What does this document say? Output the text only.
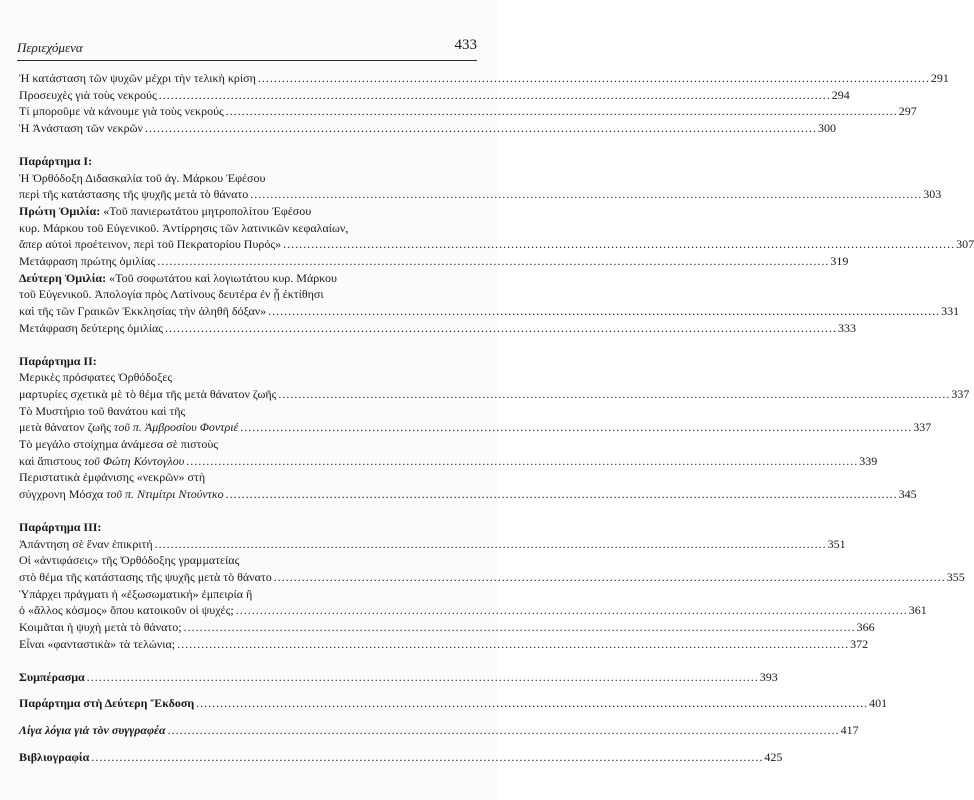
Περιεχόμενα	433
Ἡ κατάσταση τῶν ψυχῶν μέχρι τὴν τελικὴ κρίση .....	291
Προσευχὲς γιὰ τοὺς νεκρούς .....	294
Τί μποροῦμε νὰ κάνουμε γιὰ τοὺς νεκρούς .....	297
Ἡ Ἀνάσταση τῶν νεκρῶν .....	300
Παράρτημα Ι:
Ἡ Ὀρθόδοξη Διδασκαλία τοῦ ἁγ. Μάρκου Ἐφέσου
περὶ τῆς κατάστασης τῆς ψυχῆς μετὰ τὸ θάνατο .....	303
Πρώτη Ὁμιλία: «Τοῦ πανιερωτάτου μητροπολίτου Ἐφέσου
κυρ. Μάρκου τοῦ Εὐγενικοῦ. Ἀντίρρησις τῶν λατινικῶν κεφαλαίων,
ἅπερ αὐτοὶ προέτεινον, περὶ τοῦ Πεκρατορίου Πυρός» .....	307
Μετάφραση πρώτης ὁμιλίας .....	319
Δεύτερη Ὁμιλία: «Τοῦ σοφωτάτου καὶ λογιωτάτου κυρ. Μάρκου
τοῦ Εὐγενικοῦ. Ἀπολογία πρὸς Λατίνους δευτέρα ἐν ᾗ ἐκτίθησι
καὶ τῆς τῶν Γραικῶν Ἐκκλησίας τὴν ἀληθῆ δόξαν» .....	331
Μετάφραση δεύτερης ὁμιλίας .....	333
Παράρτημα ΙΙ:
Μερικὲς πρόσφατες Ὀρθόδοξες
μαρτυρίες σχετικὰ μὲ τὸ θέμα τῆς μετὰ θάνατον ζωῆς .....	337
Τὸ Μυστήριο τοῦ θανάτου καὶ τῆς
μετὰ θάνατον ζωῆς τοῦ π. Ἀμβροσίου Φοντριέ .....	337
Τὸ μεγάλο στοίχημα ἀνάμεσα σὲ πιστοὺς
καὶ ἄπιστους τοῦ Φώτη Κόντογλου .....	339
Περιστατικὰ ἐμφάνισης «νεκρῶν» στὴ
σύγχρονη Μόσχα τοῦ π. Ντιμίτρι Ντούντκο .....	345
Παράρτημα ΙΙΙ:
Ἀπάντηση σὲ ἕναν ἐπικριτή .....	351
Οἱ «ἀντιφάσεις» τῆς Ὀρθόδοξης γραμματείας
στὸ θέμα τῆς κατάστασης τῆς ψυχῆς μετὰ τὸ θάνατο .....	355
Ὑπάρχει πράγματι ἡ «ἐξωσωματική» ἐμπειρία ἢ
ὁ «ἄλλος κόσμος» ὅπου κατοικοῦν οἱ ψυχές; .....	361
Κοιμᾶται ἡ ψυχὴ μετὰ τὸ θάνατο; .....	366
Εἶναι «φανταστικὰ» τὰ τελώνια; .....	372
Συμπέρασμα .....	393
Παράρτημα στὴ Δεύτερη Ἔκδοση .....	401
Λίγα λόγια γιὰ τὸν συγγραφέα .....	417
Βιβλιογραφία .....	425
